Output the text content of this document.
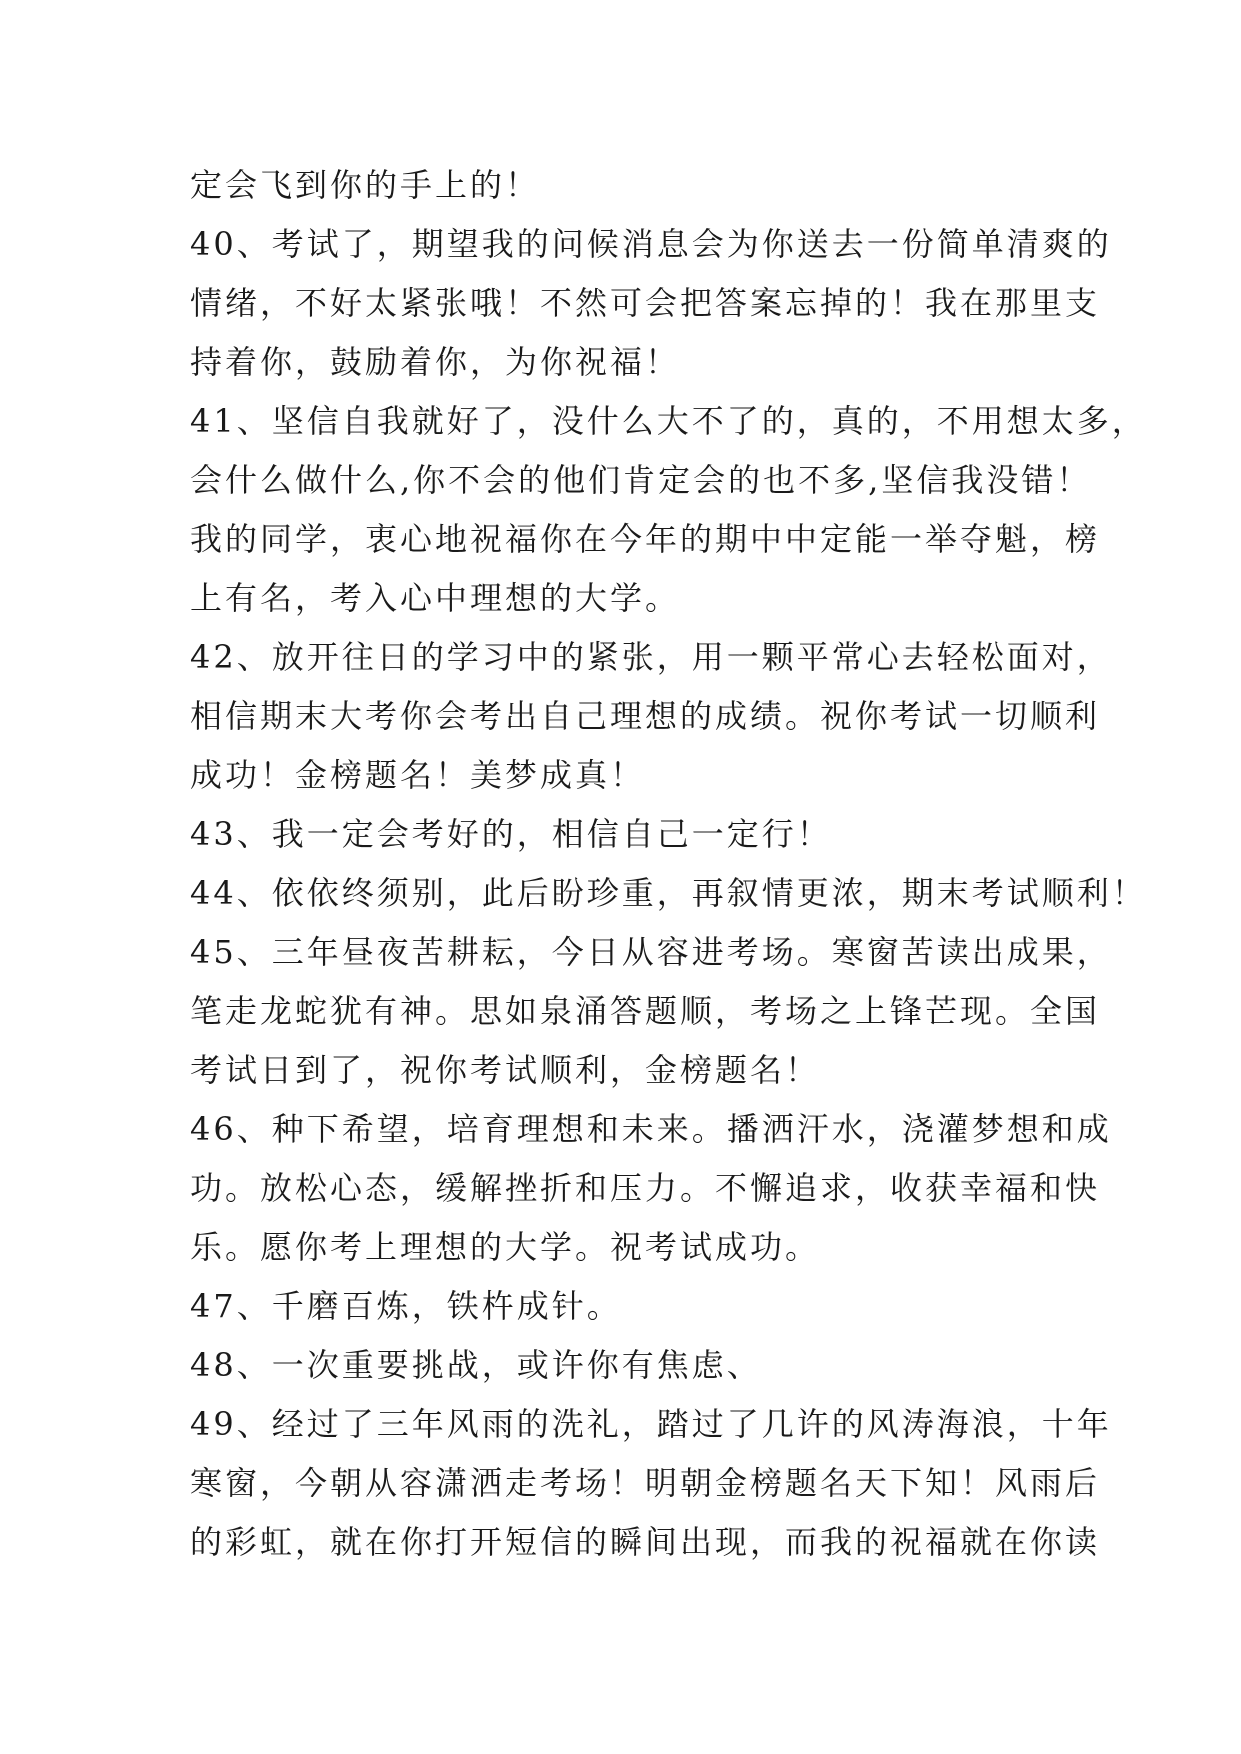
定会飞到你的手上的！
40、考试了，期望我的问候消息会为你送去一份简单清爽的
情绪，不好太紧张哦！不然可会把答案忘掉的！我在那里支
持着你，鼓励着你，为你祝福！
41、坚信自我就好了，没什么大不了的，真的，不用想太多，
会什么做什么,你不会的他们肯定会的也不多,坚信我没错！
我的同学，衷心地祝福你在今年的期中中定能一举夺魁，榜
上有名，考入心中理想的大学。
42、放开往日的学习中的紧张，用一颗平常心去轻松面对，
相信期末大考你会考出自己理想的成绩。祝你考试一切顺利
成功！金榜题名！美梦成真！
43、我一定会考好的，相信自己一定行！
44、依依终须别，此后盼珍重，再叙情更浓，期末考试顺利！
45、三年昼夜苦耕耘，今日从容进考场。寒窗苦读出成果，
笔走龙蛇犹有神。思如泉涌答题顺，考场之上锋芒现。全国
考试日到了，祝你考试顺利，金榜题名！
46、种下希望，培育理想和未来。播洒汗水，浇灌梦想和成
功。放松心态，缓解挫折和压力。不懈追求，收获幸福和快
乐。愿你考上理想的大学。祝考试成功。
47、千磨百炼，铁杵成针。
48、一次重要挑战，或许你有焦虑、
49、经过了三年风雨的洗礼，踏过了几许的风涛海浪，十年
寒窗，今朝从容潇洒走考场！明朝金榜题名天下知！风雨后
的彩虹，就在你打开短信的瞬间出现，而我的祝福就在你读
